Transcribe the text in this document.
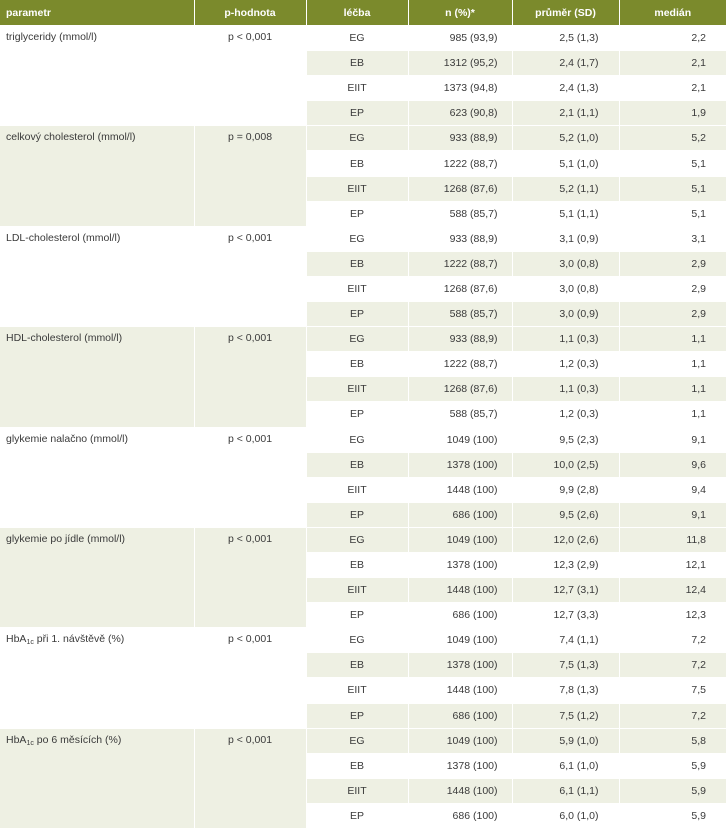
parametr	p-hodnota	léčba	n (%)*	průměr (SD)	medián
triglyceridy (mmol/l)	p < 0,001	EG	985 (93,9)	2,5 (1,3)	2,2
		EB	1312 (95,2)	2,4 (1,7)	2,1
		EIIT	1373 (94,8)	2,4 (1,3)	2,1
		EP	623 (90,8)	2,1 (1,1)	1,9
celkový cholesterol (mmol/l)	p = 0,008	EG	933 (88,9)	5,2 (1,0)	5,2
		EB	1222 (88,7)	5,1 (1,0)	5,1
		EIIT	1268 (87,6)	5,2 (1,1)	5,1
		EP	588 (85,7)	5,1 (1,1)	5,1
LDL-cholesterol (mmol/l)	p < 0,001	EG	933 (88,9)	3,1 (0,9)	3,1
		EB	1222 (88,7)	3,0 (0,8)	2,9
		EIIT	1268 (87,6)	3,0 (0,8)	2,9
		EP	588 (85,7)	3,0 (0,9)	2,9
HDL-cholesterol (mmol/l)	p < 0,001	EG	933 (88,9)	1,1 (0,3)	1,1
		EB	1222 (88,7)	1,2 (0,3)	1,1
		EIIT	1268 (87,6)	1,1 (0,3)	1,1
		EP	588 (85,7)	1,2 (0,3)	1,1
glykemie nalačno (mmol/l)	p < 0,001	EG	1049 (100)	9,5 (2,3)	9,1
		EB	1378 (100)	10,0 (2,5)	9,6
		EIIT	1448 (100)	9,9 (2,8)	9,4
		EP	686 (100)	9,5 (2,6)	9,1
glykemie po jídle (mmol/l)	p < 0,001	EG	1049 (100)	12,0 (2,6)	11,8
		EB	1378 (100)	12,3 (2,9)	12,1
		EIIT	1448 (100)	12,7 (3,1)	12,4
		EP	686 (100)	12,7 (3,3)	12,3
HbA$_{1c}$ při 1. návštěvě (%)	p < 0,001	EG	1049 (100)	7,4 (1,1)	7,2
		EB	1378 (100)	7,5 (1,3)	7,2
		EIIT	1448 (100)	7,8 (1,3)	7,5
		EP	686 (100)	7,5 (1,2)	7,2
HbA$_{1c}$ po 6 měsících (%)	p < 0,001	EG	1049 (100)	5,9 (1,0)	5,8
		EB	1378 (100)	6,1 (1,0)	5,9
		EIIT	1448 (100)	6,1 (1,1)	5,9
		EP	686 (100)	6,0 (1,0)	5,9
